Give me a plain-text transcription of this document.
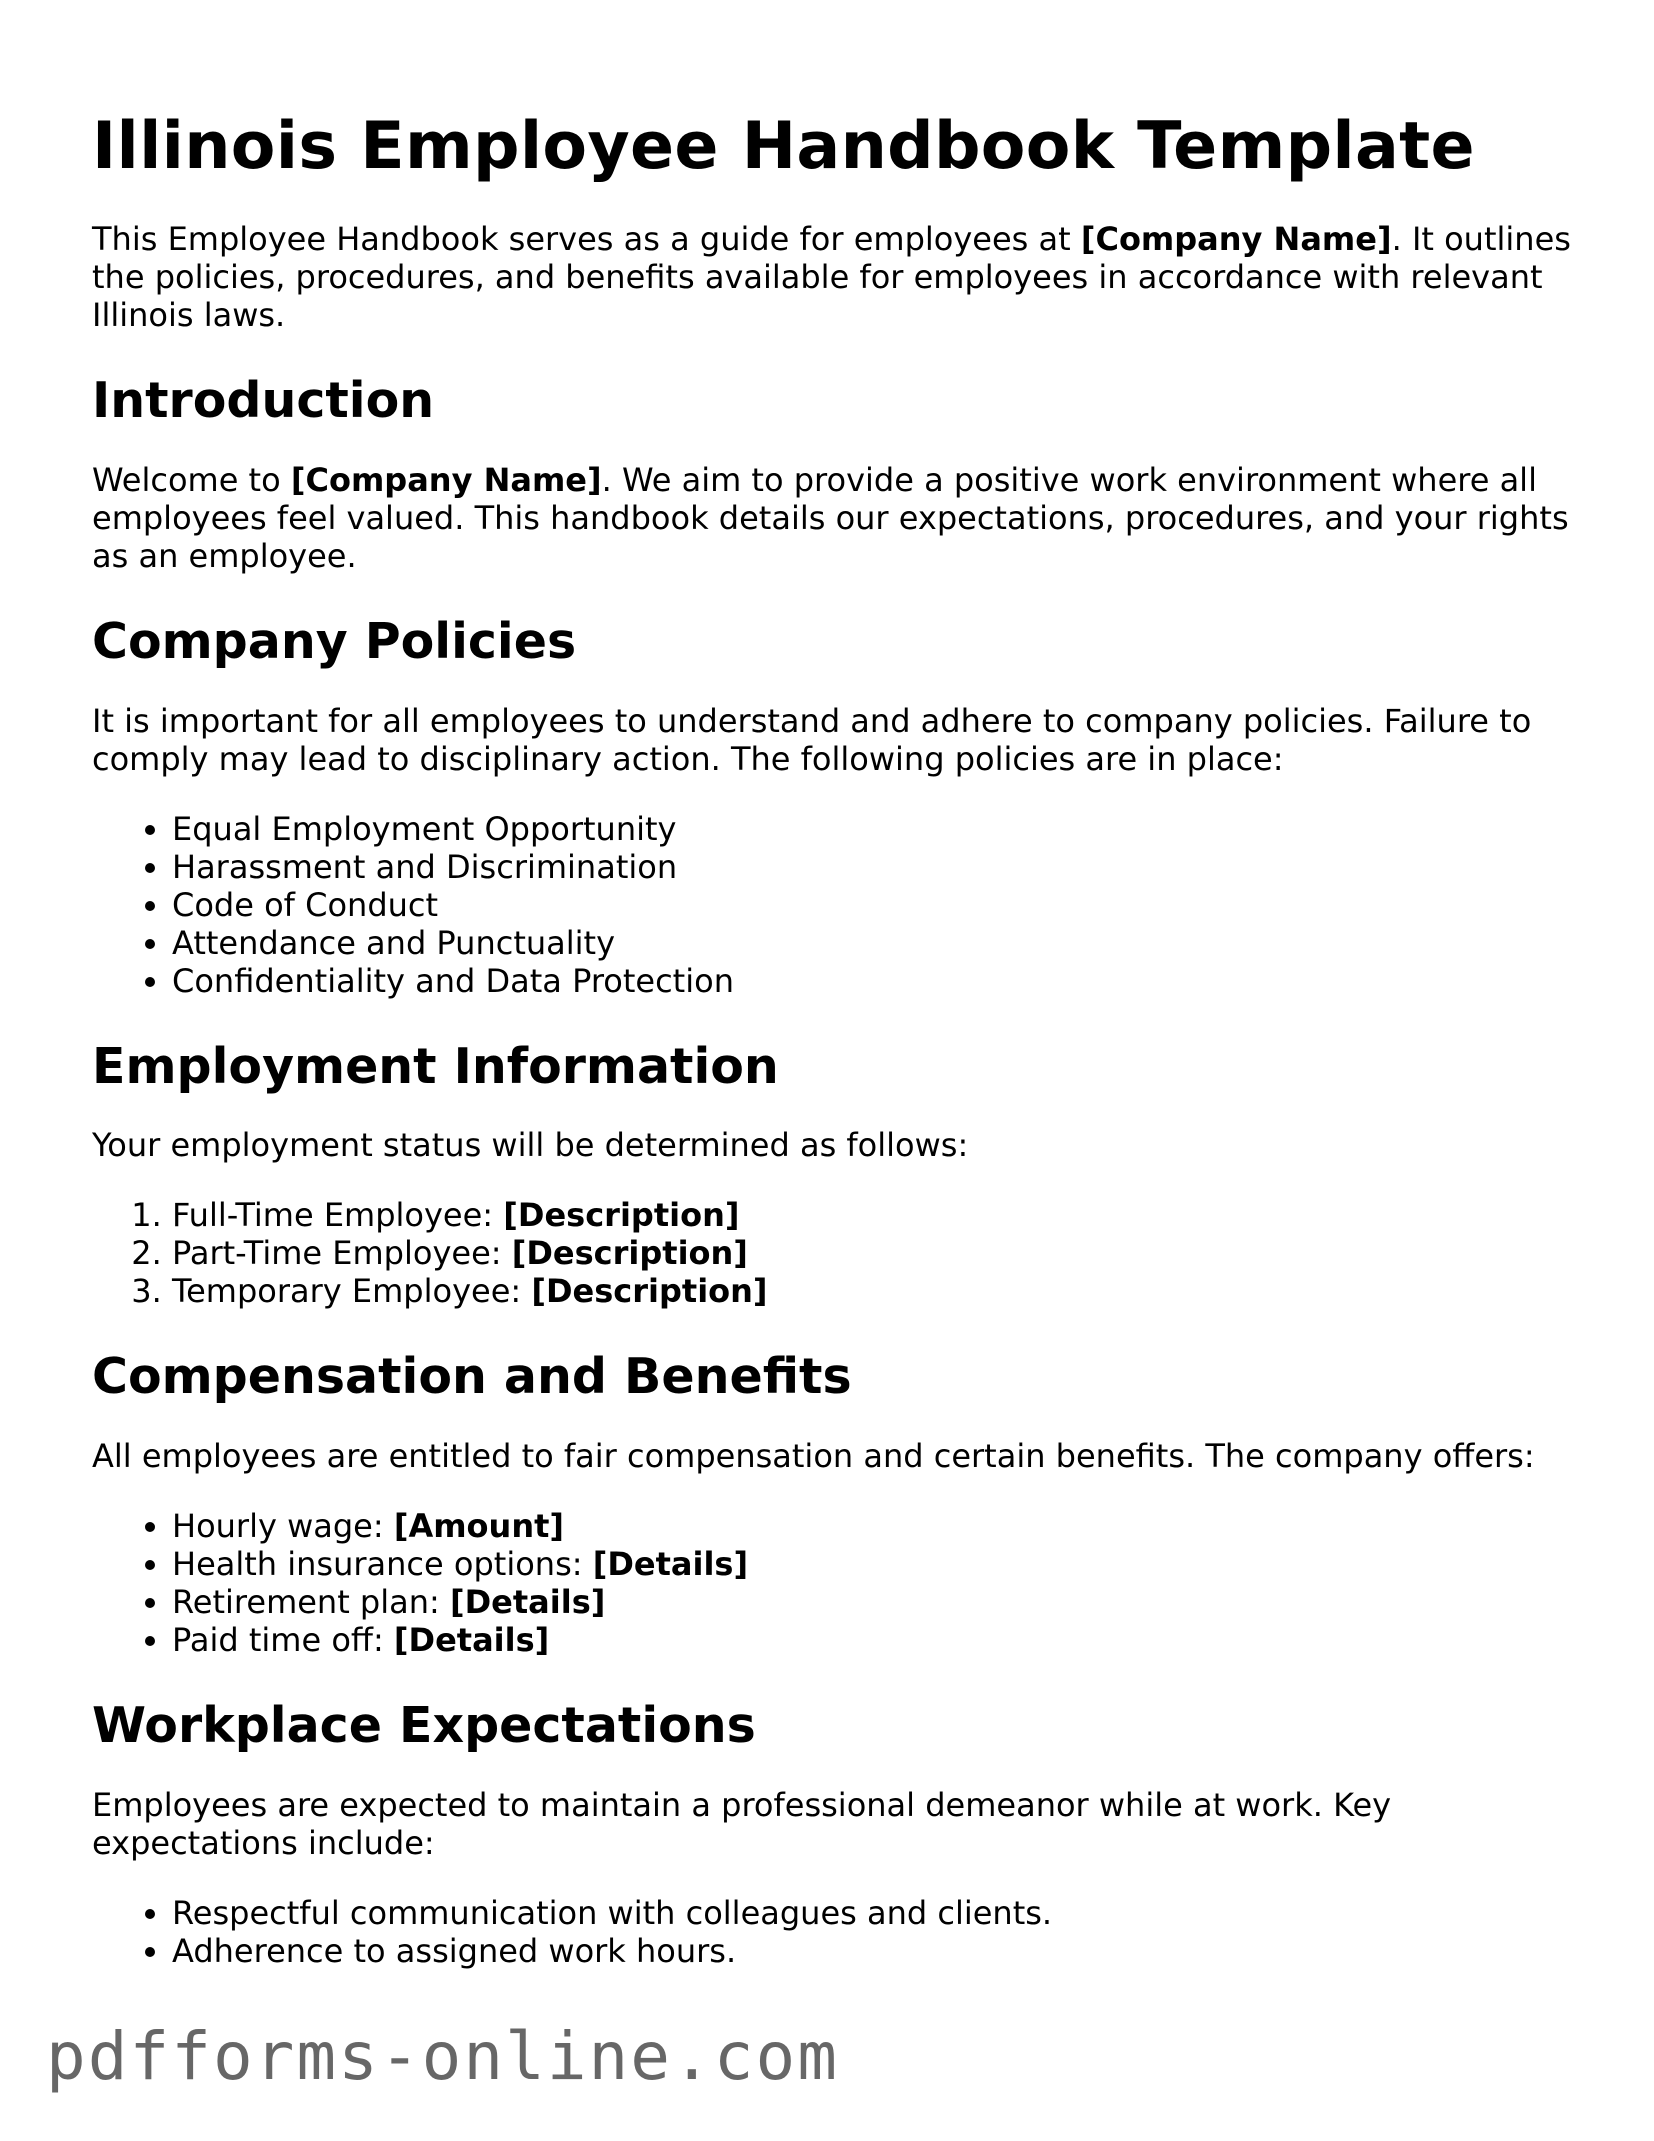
Illinois Employee Handbook Template

This Employee Handbook serves as a guide for employees at [Company Name]. It outlines the policies, procedures, and benefits available for employees in accordance with relevant Illinois laws.

Introduction

Welcome to [Company Name]. We aim to provide a positive work environment where all employees feel valued. This handbook details our expectations, procedures, and your rights as an employee.

Company Policies

It is important for all employees to understand and adhere to company policies. Failure to comply may lead to disciplinary action. The following policies are in place:

• Equal Employment Opportunity
• Harassment and Discrimination
• Code of Conduct
• Attendance and Punctuality
• Confidentiality and Data Protection
Employment Information

Your employment status will be determined as follows:

1. Full-Time Employee: [Description]
2. Part-Time Employee: [Description]
3. Temporary Employee: [Description]
Compensation and Benefits

All employees are entitled to fair compensation and certain benefits. The company offers:

• Hourly wage: [Amount]
• Health insurance options: [Details]
• Retirement plan: [Details]
• Paid time off: [Details]
Workplace Expectations

Employees are expected to maintain a professional demeanor while at work. Key expectations include:

• Respectful communication with colleagues and clients.
• Adherence to assigned work hours.
pdfforms-online.com
